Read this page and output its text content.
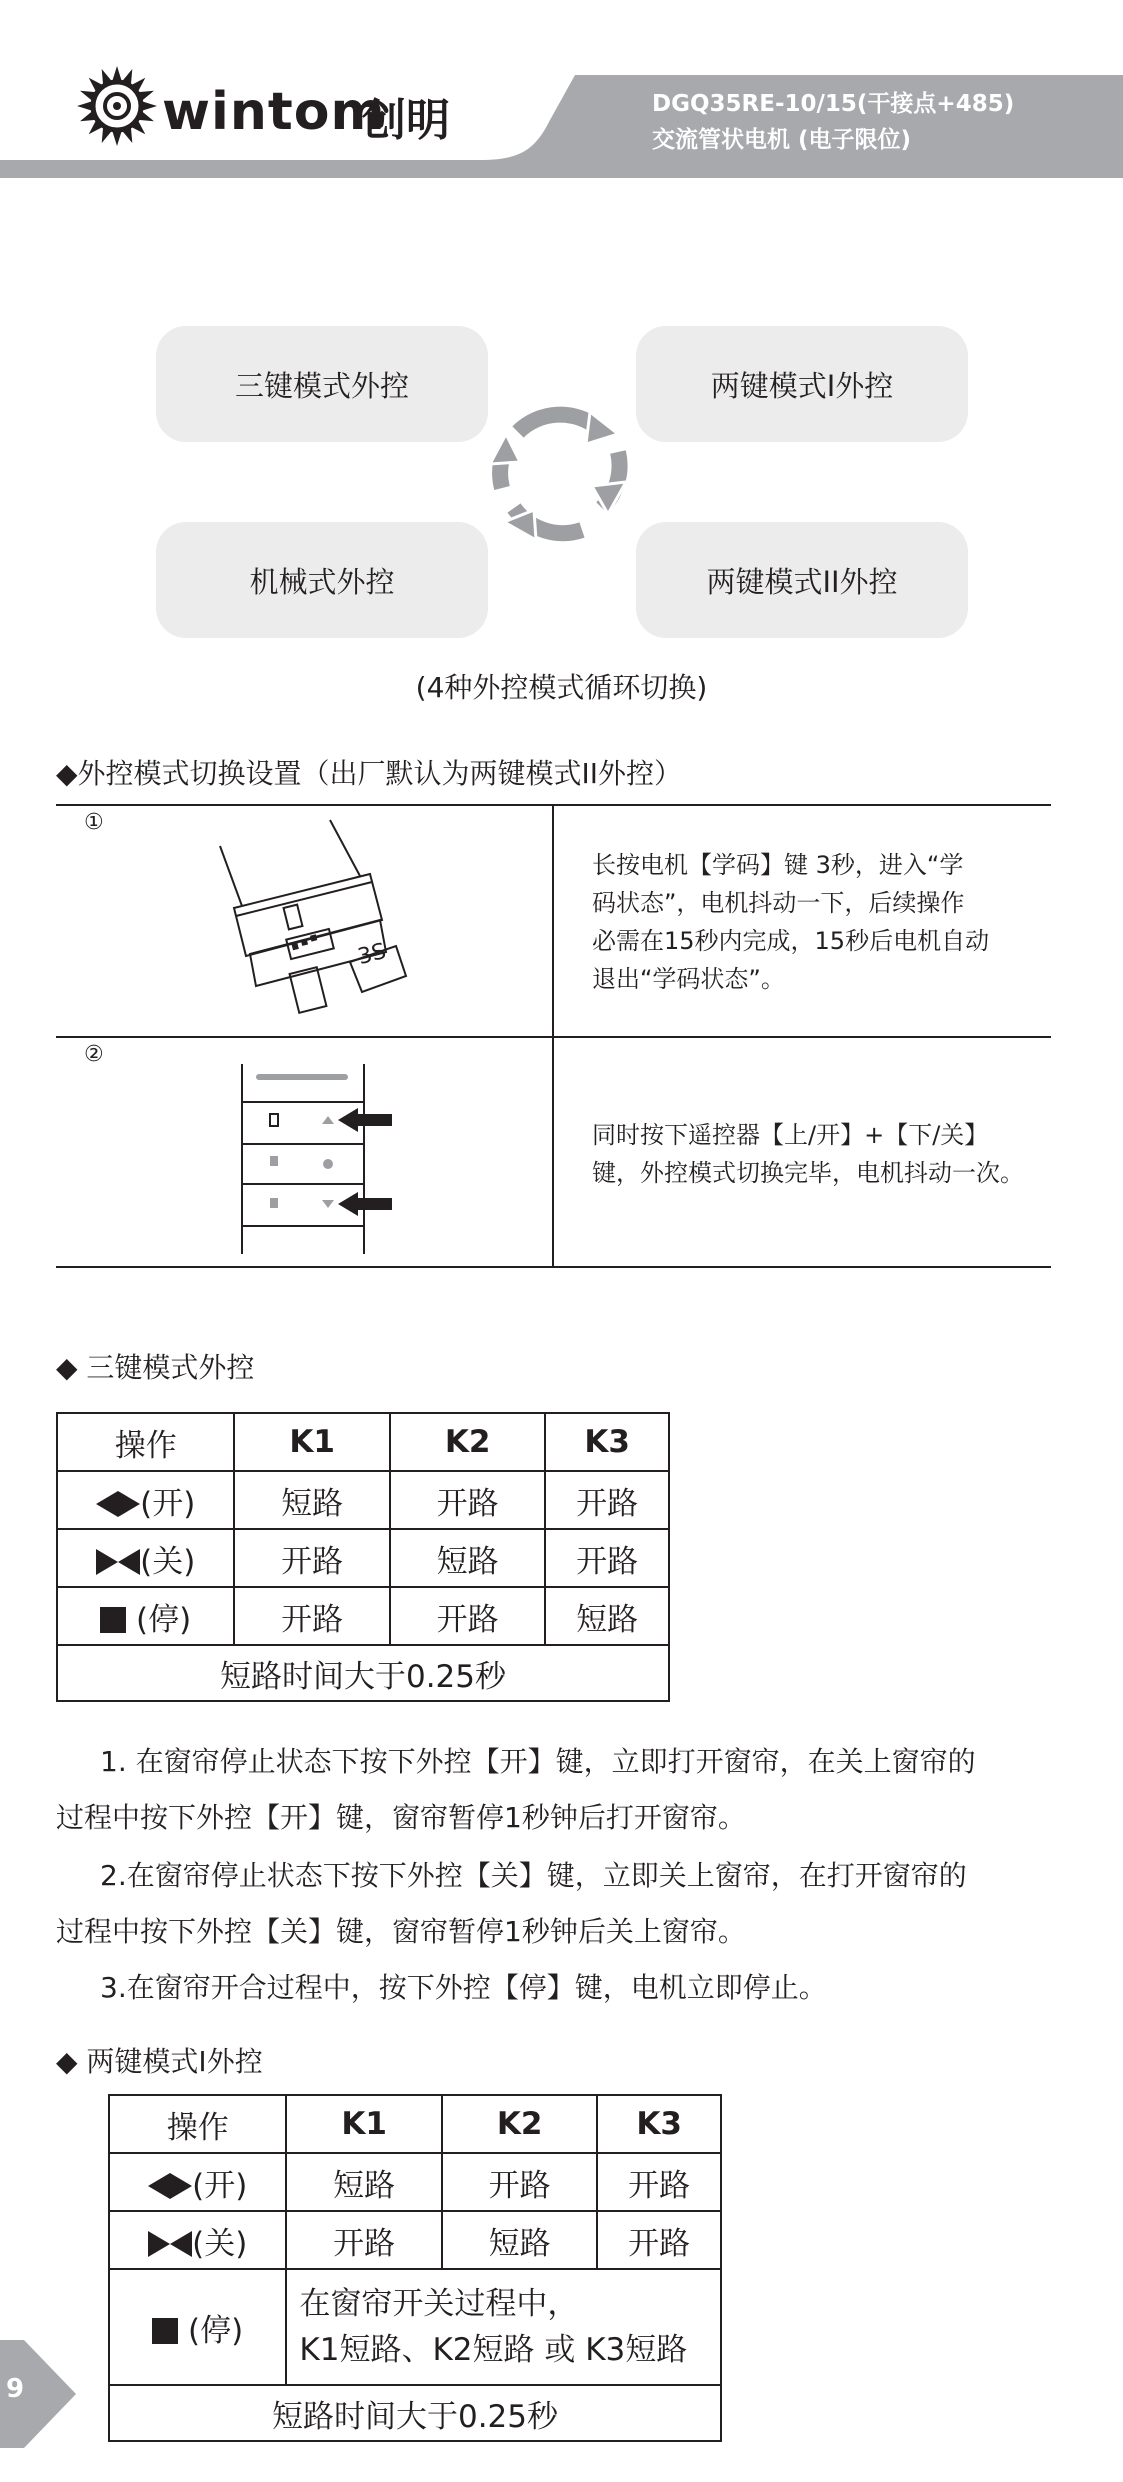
wintom
创明	DGQ35RE-10/15(干接点+485)
交流管状电机 (电子限位)
三键模式外控	两键模式I外控
机械式外控	两键模式II外控
(4种外控模式循环切换)
◆外控模式切换设置（出厂默认为两键模式II外控）
①
3S
长按电机【学码】键 3秒，进入“学
码状态”，电机抖动一下，后续操作
必需在15秒内完成，15秒后电机自动
退出“学码状态”。
②
同时按下遥控器【上/开】+【下/关】
键，外控模式切换完毕，电机抖动一次。
◆ 三键模式外控
操作	K1	K2	K3
(开)	短路	开路	开路
(关)	开路	短路	开路
(停)	开路	开路	短路
短路时间大于0.25秒			
1. 在窗帘停止状态下按下外控【开】键，立即打开窗帘，在关上窗帘的
过程中按下外控【开】键，窗帘暂停1秒钟后打开窗帘。
2.在窗帘停止状态下按下外控【关】键，立即关上窗帘，在打开窗帘的
过程中按下外控【关】键，窗帘暂停1秒钟后关上窗帘。
3.在窗帘开合过程中，按下外控【停】键，电机立即停止。
◆ 两键模式I外控
操作	K1	K2	K3
(开)	短路	开路	开路
(关)	开路	短路	开路
(停)	在窗帘开关过程中，
K1短路、K2短路 或 K3短路		

短路时间大于0.25秒			
9
